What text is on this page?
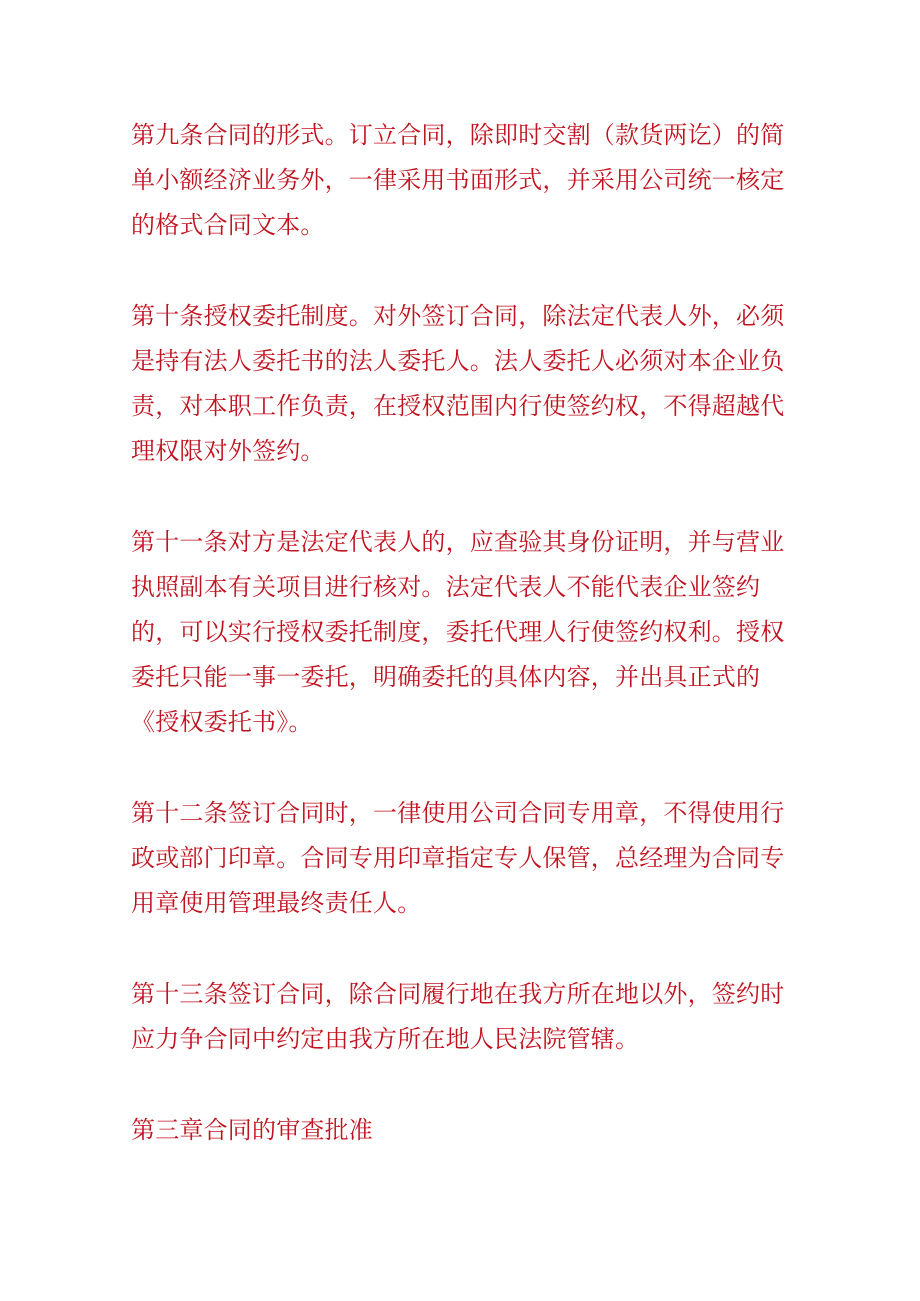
第九条合同的形式。订立合同，除即时交割（款货两讫）的简单小额经济业务外，一律采用书面形式，并采用公司统一核定的格式合同文本。

第十条授权委托制度。对外签订合同，除法定代表人外，必须是持有法人委托书的法人委托人。法人委托人必须对本企业负责，对本职工作负责，在授权范围内行使签约权，不得超越代理权限对外签约。

第十一条对方是法定代表人的，应查验其身份证明，并与营业执照副本有关项目进行核对。法定代表人不能代表企业签约的，可以实行授权委托制度，委托代理人行使签约权利。授权委托只能一事一委托，明确委托的具体内容，并出具正式的《授权委托书》。

第十二条签订合同时，一律使用公司合同专用章，不得使用行政或部门印章。合同专用印章指定专人保管，总经理为合同专用章使用管理最终责任人。

第十三条签订合同，除合同履行地在我方所在地以外，签约时应力争合同中约定由我方所在地人民法院管辖。

第三章合同的审查批准
